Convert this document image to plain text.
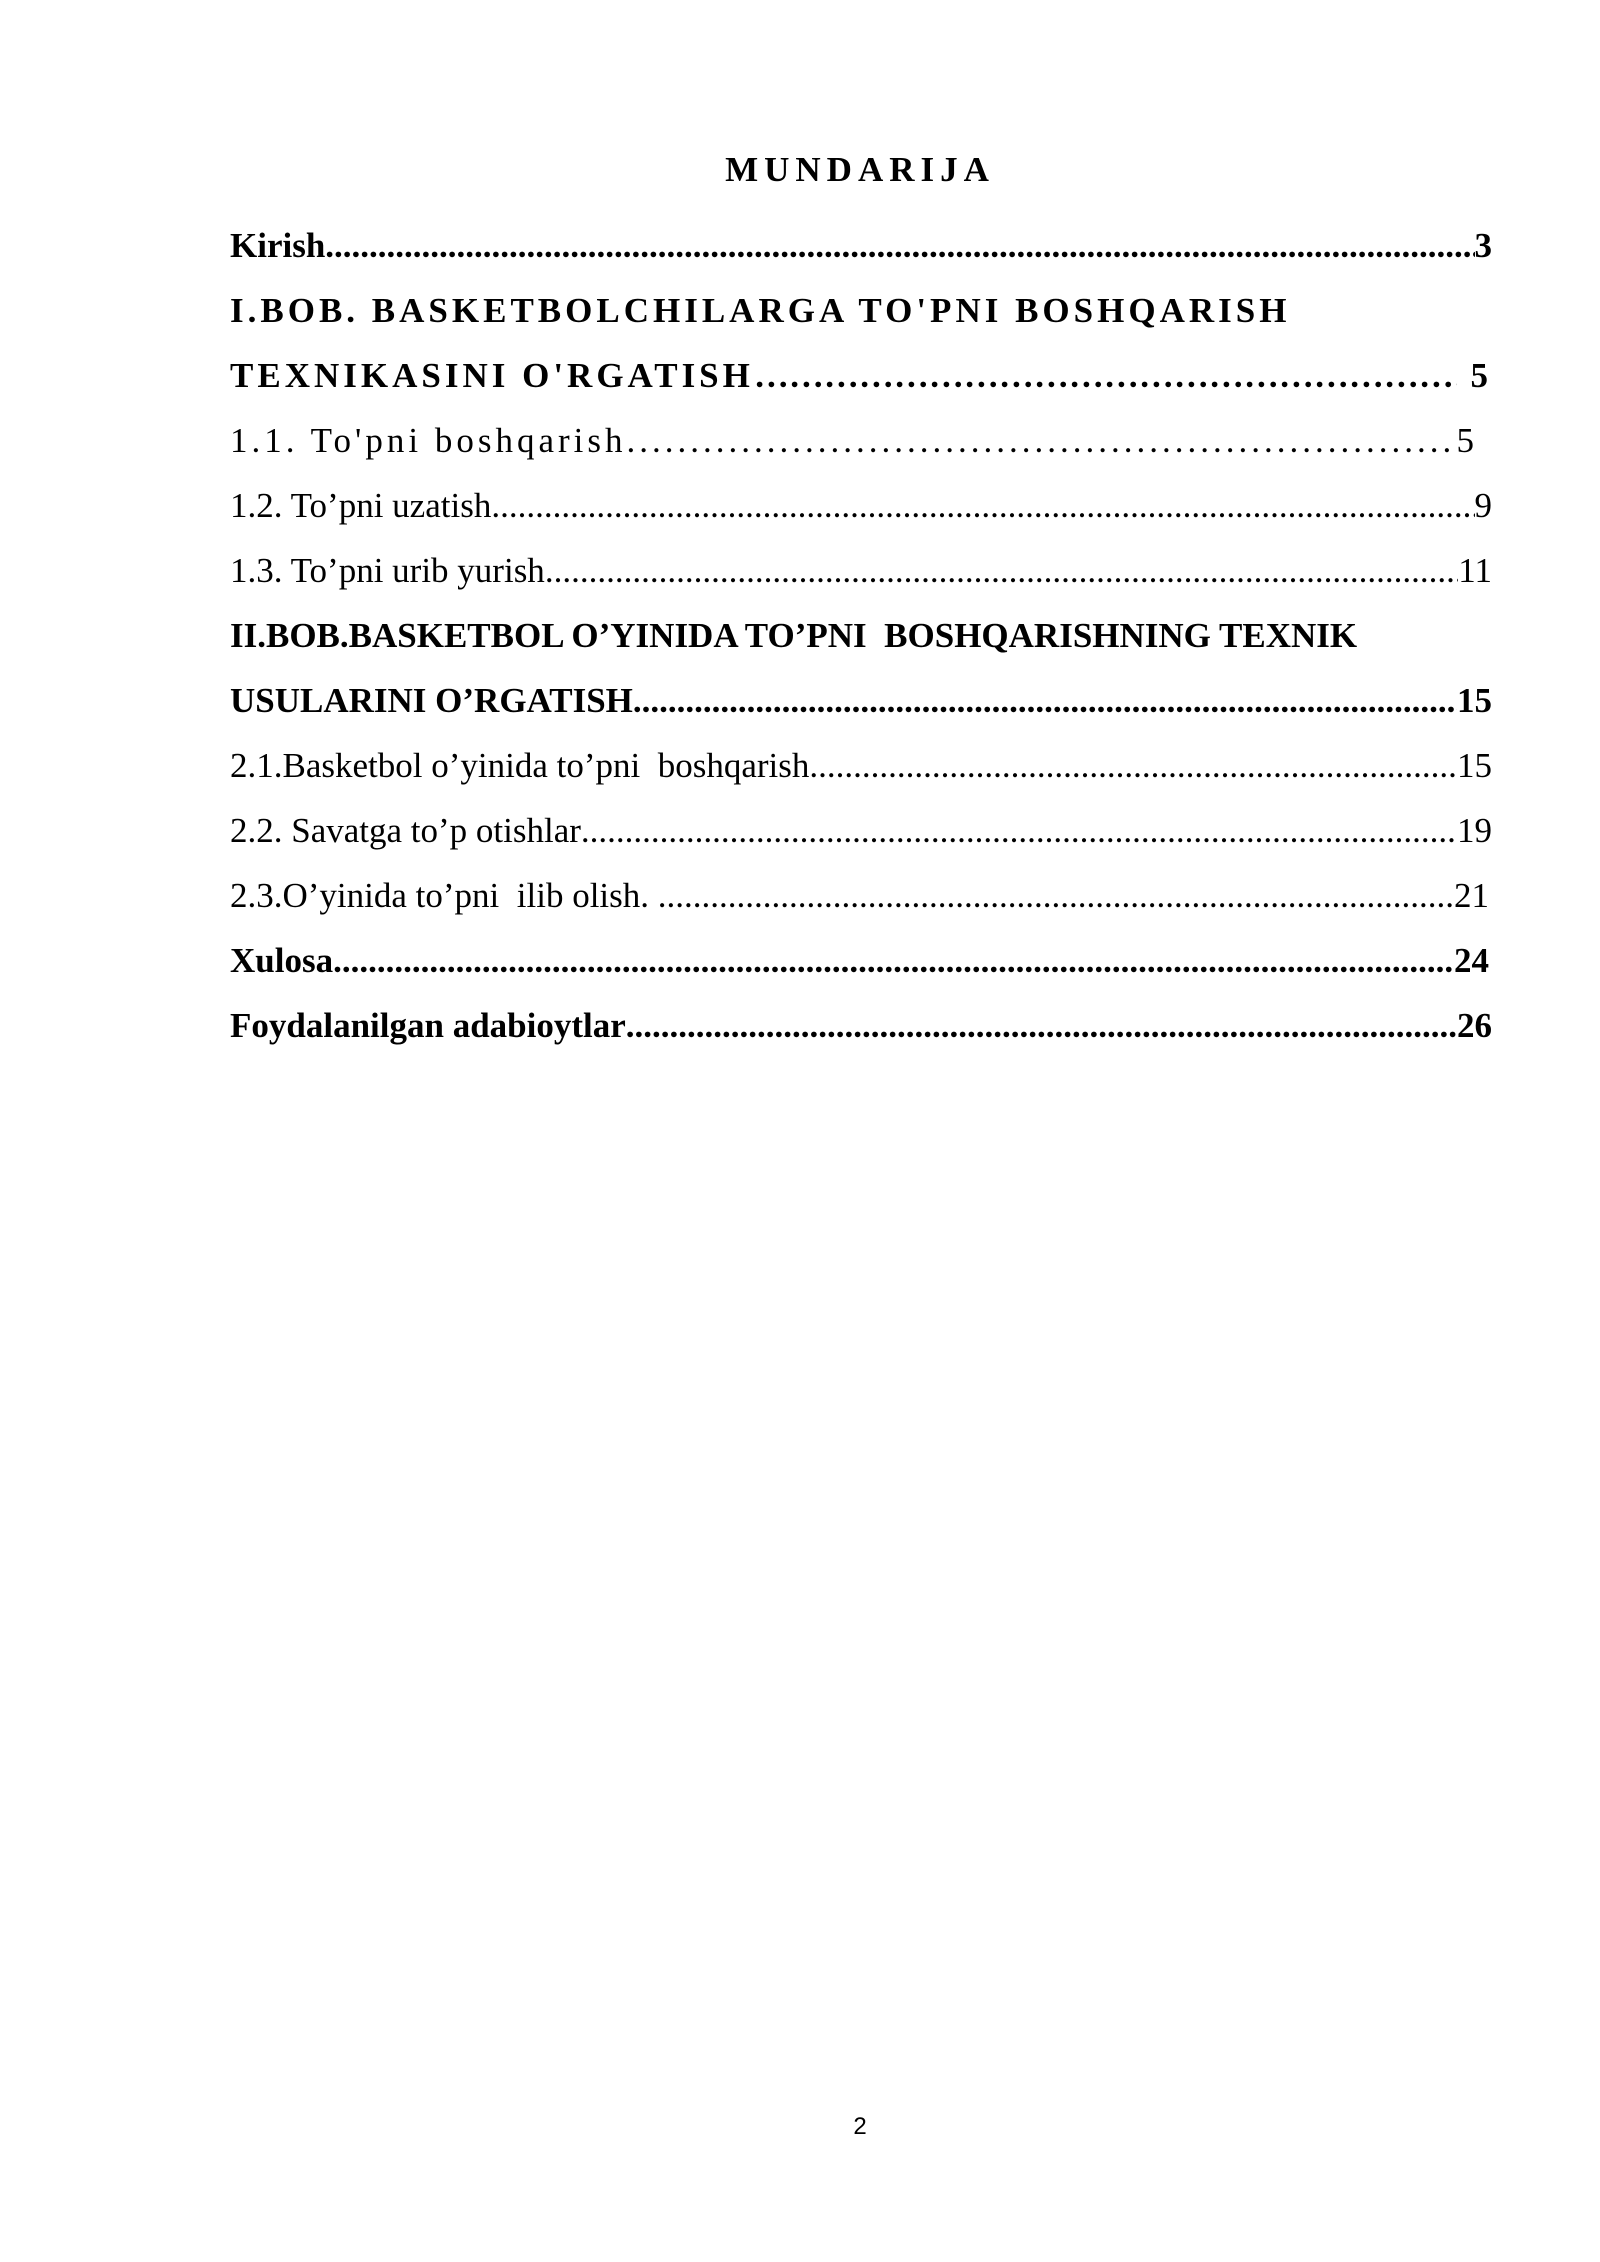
MUNDARIJA
Kirish .....	3
I.BOB. BASKETBOLCHILARGA TO'PNI BOSHQARISH
TEXNIKASINI O'RGATISH ……………………………………………………………………………………………………………………………	5
1.1. To'pni boshqarish .....	5
1.2. To’pni uzatish .....	9
1.3. To’pni urib yurish .....	11
II.BOB.BASKETBOL O’YINIDA TO’PNI  BOSHQARISHNING TEXNIK
USULARINI O’RGATISH .....	15
2.1.Basketbol o’yinida to’pni  boshqarish .....	15
2.2. Savatga to’p otishlar .....	19
2.3.O’yinida to’pni  ilib olish. .....	21
Xulosa .....	24
Foydalanilgan adabioytlar .....	26
2
